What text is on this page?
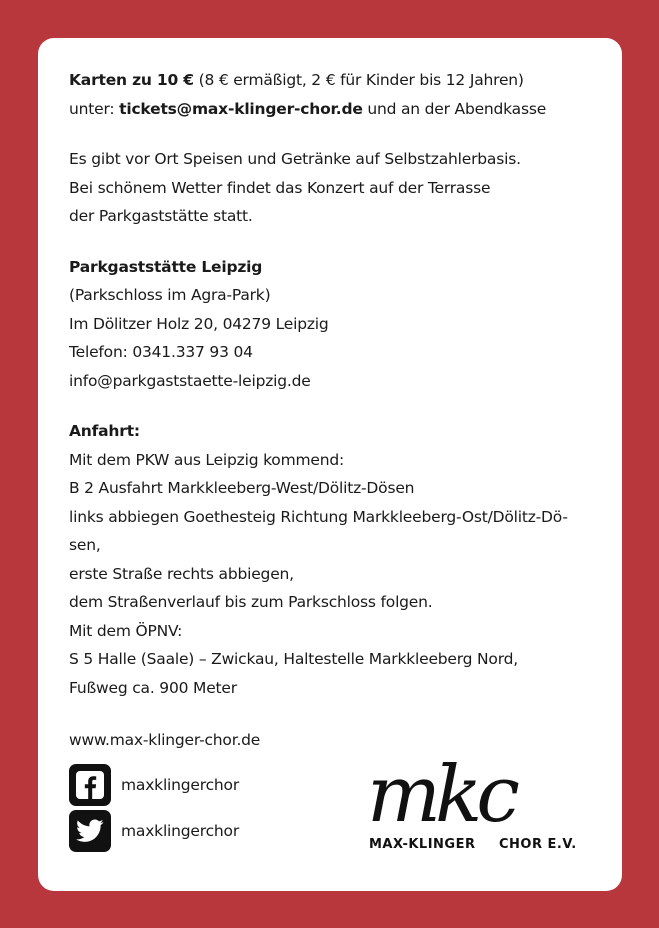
Karten zu 10 € (8 € ermäßigt, 2 € für Kinder bis 12 Jahren)

unter: tickets@max-klinger-chor.de und an der Abendkasse

Es gibt vor Ort Speisen und Getränke auf Selbstzahlerbasis.

Bei schönem Wetter findet das Konzert auf der Terrasse

der Parkgaststätte statt.

Parkgaststätte Leipzig

(Parkschloss im Agra-Park)

Im Dölitzer Holz 20, 04279 Leipzig

Telefon: 0341.337 93 04

info@parkgaststaette-leipzig.de

Anfahrt:

Mit dem PKW aus Leipzig kommend:

B 2 Ausfahrt Markkleeberg-West/Dölitz-Dösen

links abbiegen Goethesteig Richtung Markkleeberg-Ost/Dölitz-Dö-

sen,

erste Straße rechts abbiegen,

dem Straßenverlauf bis zum Parkschloss folgen.

Mit dem ÖPNV:

S 5 Halle (Saale) – Zwickau, Haltestelle Markkleeberg Nord,

Fußweg ca. 900 Meter

www.max-klinger-chor.de
maxklingerchor
maxklingerchor mkc
MAX-KLINGER CHOR E.V.
